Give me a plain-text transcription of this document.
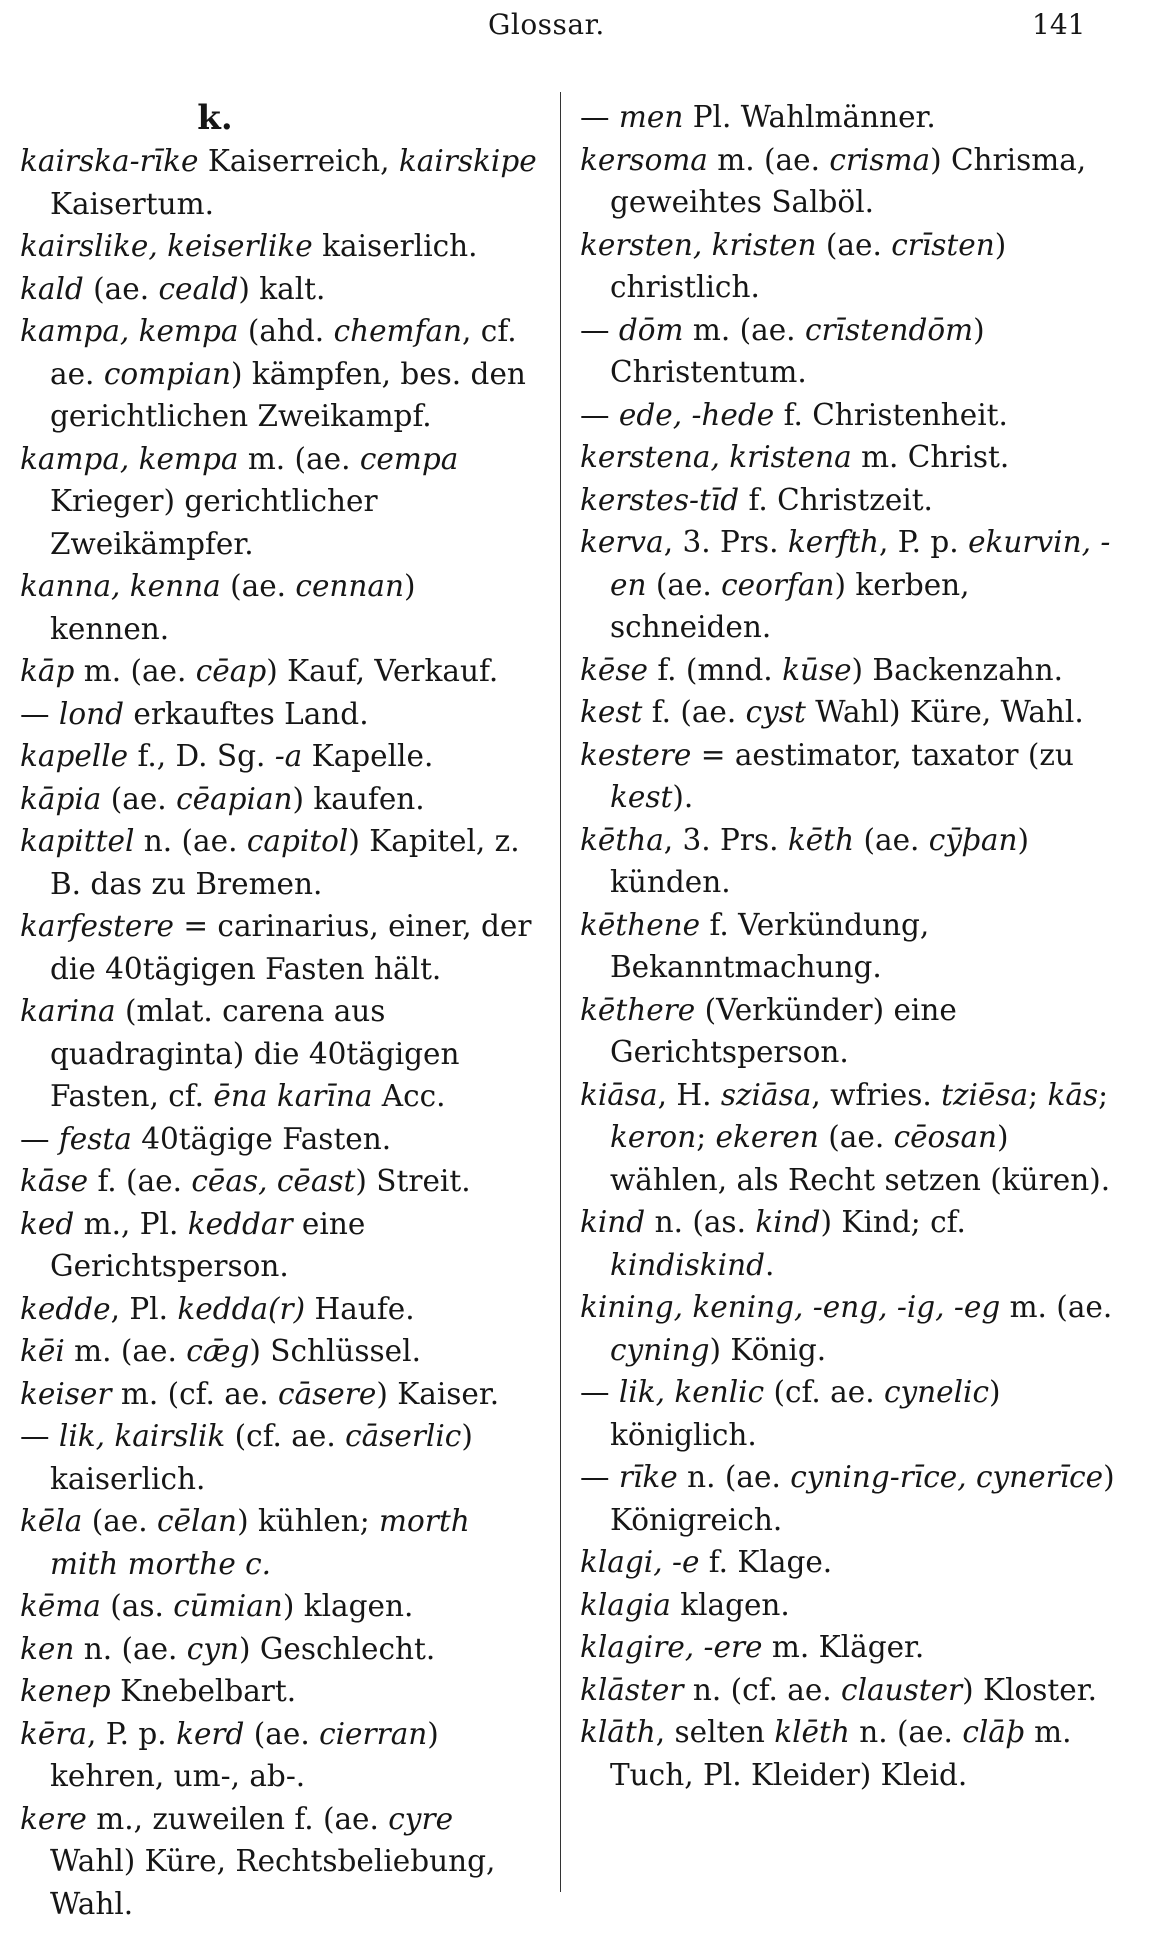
Glossar.	141
k.

kairska-rīke Kaiserreich, kairskipe Kaisertum.

kairslike, keiserlike kaiserlich.

kald (ae. ceald) kalt.

kampa, kempa (ahd. chemfan, cf. ae. compian) kämpfen, bes. den gerichtlichen Zweikampf.

kampa, kempa m. (ae. cempa Krieger) gerichtlicher Zweikämpfer.

kanna, kenna (ae. cennan) kennen.

kāp m. (ae. cēap) Kauf, Verkauf.

— lond erkauftes Land.

kapelle f., D. Sg. -a Kapelle.

kāpia (ae. cēapian) kaufen.

kapittel n. (ae. capitol) Kapitel, z. B. das zu Bremen.

karfestere = carinarius, einer, der die 40tägigen Fasten hält.

karina (mlat. carena aus quadraginta) die 40tägigen Fasten, cf. ēna karīna Acc.

— festa 40tägige Fasten.

kāse f. (ae. cēas, cēast) Streit.

ked m., Pl. keddar eine Gerichtsperson.

kedde, Pl. kedda(r) Haufe.

kēi m. (ae. cǣg) Schlüssel.

keiser m. (cf. ae. cāsere) Kaiser.

— lik, kairslik (cf. ae. cāserlic) kaiserlich.

kēla (ae. cēlan) kühlen; morth mith morthe c.

kēma (as. cūmian) klagen.

ken n. (ae. cyn) Geschlecht.

kenep Knebelbart.

kēra, P. p. kerd (ae. cierran) kehren, um-, ab-.

kere m., zuweilen f. (ae. cyre Wahl) Küre, Rechtsbeliebung, Wahl.

— men Pl. Wahlmänner.

kersoma m. (ae. crisma) Chrisma, geweihtes Salböl.

kersten, kristen (ae. crīsten) christlich.

— dōm m. (ae. crīstendōm) Christentum.

— ede, -hede f. Christenheit.

kerstena, kristena m. Christ.

kerstes-tīd f. Christzeit.

kerva, 3. Prs. kerfth, P. p. ekurvin, -en (ae. ceorfan) kerben, schneiden.

kēse f. (mnd. kūse) Backenzahn.

kest f. (ae. cyst Wahl) Küre, Wahl.

kestere = aestimator, taxator (zu kest).

kētha, 3. Prs. kēth (ae. cȳþan) künden.

kēthene f. Verkündung, Bekanntmachung.

kēthere (Verkünder) eine Gerichtsperson.

kiāsa, H. sziāsa, wfries. tziēsa; kās; keron; ekeren (ae. cēosan) wählen, als Recht setzen (küren).

kind n. (as. kind) Kind; cf. kindiskind.

kining, kening, -eng, -ig, -eg m. (ae. cyning) König.

— lik, kenlic (cf. ae. cynelic) königlich.

— rīke n. (ae. cyning-rīce, cynerīce) Königreich.

klagi, -e f. Klage.

klagia klagen.

klagire, -ere m. Kläger.

klāster n. (cf. ae. clauster) Kloster.

klāth, selten klēth n. (ae. clāþ m. Tuch, Pl. Kleider) Kleid.
